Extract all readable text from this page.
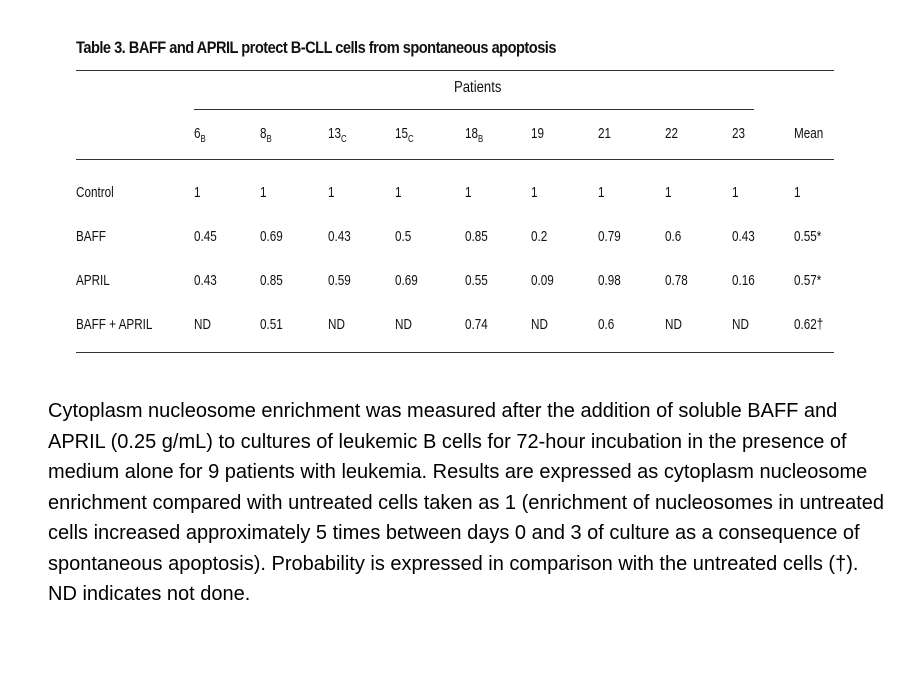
Table 3. BAFF and APRIL protect B-CLL cells from spontaneous apoptosis
Patients
	$6_B$	$8_B$	$13_C$	$15_C$	$18_B$	19	21	22	23	Mean	
Control	1	1	1	1	1	1	1	1	1	1	
BAFF	0.45	0.69	0.43	0.5	0.85	0.2	0.79	0.6	0.43	0.55*	
APRIL	0.43	0.85	0.59	0.69	0.55	0.09	0.98	0.78	0.16	0.57*	
BAFF + APRIL	ND	0.51	ND	ND	0.74	ND	0.6	ND	ND	0.62†	
Cytoplasm nucleosome enrichment was measured after the addition of soluble BAFF and APRIL (0.25 g/mL) to cultures of leukemic B cells for 72-hour incubation in the presence of medium alone for 9 patients with leukemia. Results are expressed as cytoplasm nucleosome enrichment compared with untreated cells taken as 1 (enrichment of nucleosomes in untreated cells increased approximately 5 times between days 0 and 3 of culture as a consequence of spontaneous apoptosis). Probability is expressed in comparison with the untreated cells (†). ND indicates not done.
